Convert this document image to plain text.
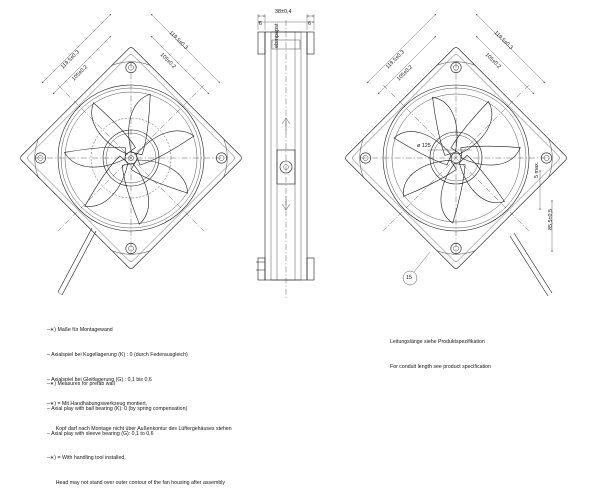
ebmpapst
38±0,4
6	6
119,5±0,3
105±0,2
119,5±0,3
105±0,2	119,5±0,3
105±0,2
119,5±0,3
105±0,2
ø 125
5 max.
85,5±0,5
15

–∗) Maße für Montagewand

– Axialspiel bei Kugellagerung (K) : 0 (durch Federausgleich)

– Axialspiel bei Gleitlagerung (G) : 0,1 bis 0,6

–∗) = Mit Handhabungswerkzeug montiert,

Kopf darf nach Montage nicht über Außenkontur des Lüftergehäuses stehen

–∗) Measures for prefab wall

– Axial play with ball bearing (K): 0 (by spring compensation)

– Axial play with sleeve bearing (G): 0,1 to 0,6

–∗) = With handling tool installed,

Head may not stand over outer contour of the fan housing after assembly

Leitungslänge siehe Produktspezifikation

For conduit length see product specification
